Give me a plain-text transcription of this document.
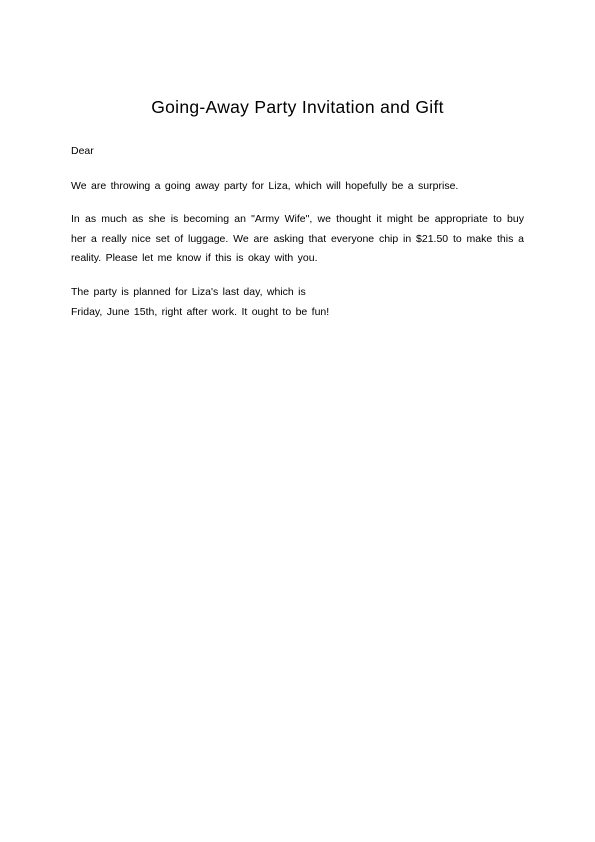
Going-Away Party Invitation and Gift

Dear

We are throwing a going away party for Liza, which will hopefully be a surprise.

In as much as she is becoming an "Army Wife", we thought it might be appropriate to buy her a really nice set of luggage. We are asking that everyone chip in $21.50 to make this a reality. Please let me know if this is okay with you.

The party is planned for Liza's last day, which is
Friday, June 15th, right after work. It ought to be fun!
